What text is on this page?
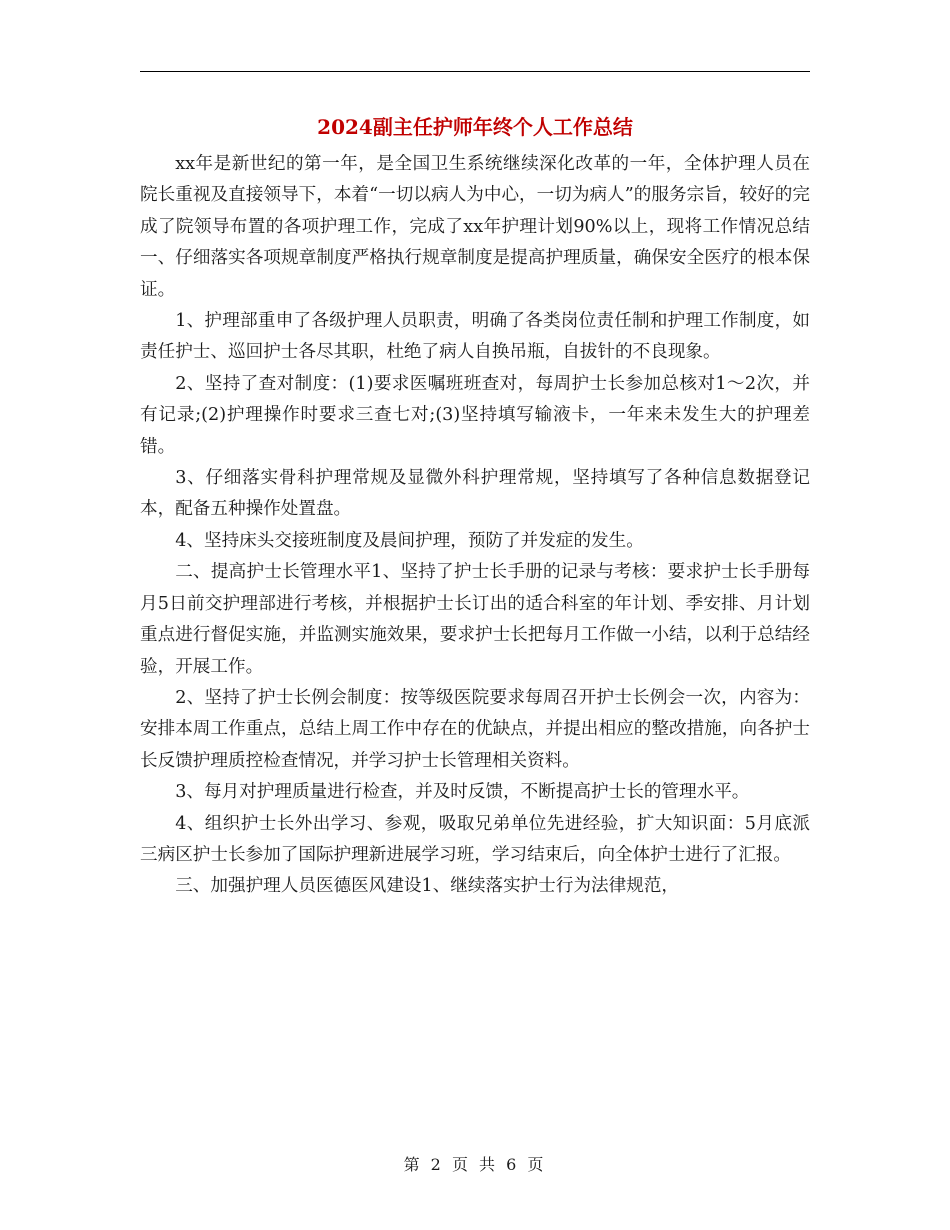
2024副主任护师年终个人工作总结

xx年是新世纪的第一年，是全国卫生系统继续深化改革的一年，全体护理人员在院长重视及直接领导下，本着“一切以病人为中心，一切为病人”的服务宗旨，较好的完成了院领导布置的各项护理工作，完成了xx年护理计划90%以上，现将工作情况总结一、仔细落实各项规章制度严格执行规章制度是提高护理质量，确保安全医疗的根本保证。

1、护理部重申了各级护理人员职责，明确了各类岗位责任制和护理工作制度，如责任护士、巡回护士各尽其职，杜绝了病人自换吊瓶，自拔针的不良现象。

2、坚持了查对制度：(1)要求医嘱班班查对，每周护士长参加总核对1～2次，并有记录;(2)护理操作时要求三查七对;(3)坚持填写输液卡，一年来未发生大的护理差错。

3、仔细落实骨科护理常规及显微外科护理常规，坚持填写了各种信息数据登记本，配备五种操作处置盘。

4、坚持床头交接班制度及晨间护理，预防了并发症的发生。

二、提高护士长管理水平1、坚持了护士长手册的记录与考核：要求护士长手册每月5日前交护理部进行考核，并根据护士长订出的适合科室的年计划、季安排、月计划重点进行督促实施，并监测实施效果，要求护士长把每月工作做一小结，以利于总结经验，开展工作。

2、坚持了护士长例会制度：按等级医院要求每周召开护士长例会一次，内容为：安排本周工作重点，总结上周工作中存在的优缺点，并提出相应的整改措施，向各护士长反馈护理质控检查情况，并学习护士长管理相关资料。

3、每月对护理质量进行检查，并及时反馈，不断提高护士长的管理水平。

4、组织护士长外出学习、参观，吸取兄弟单位先进经验，扩大知识面：5月底派三病区护士长参加了国际护理新进展学习班，学习结束后，向全体护士进行了汇报。

三、加强护理人员医德医风建设1、继续落实护士行为法律规范，

第 2 页 共 6 页
